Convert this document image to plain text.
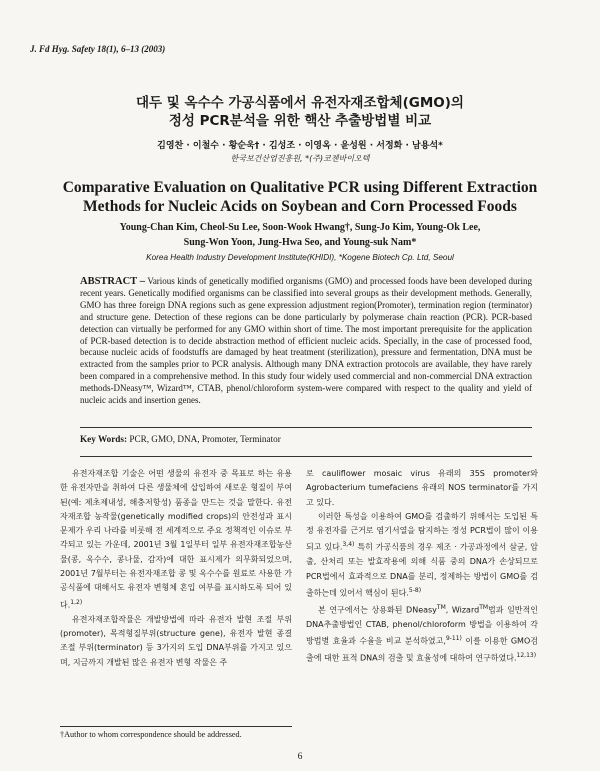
J. Fd Hyg. Safety 18(1), 6–13 (2003)
대두 및 옥수수 가공식품에서 유전자재조합체(GMO)의
정성 PCR분석을 위한 핵산 추출방법별 비교
김영찬 · 이철수 · 황순욱† · 김성조 · 이영옥 · 윤성원 · 서정화 · 남용석*
한국보건산업진흥원, *(주)코젠바이오텍
Comparative Evaluation on Qualitative PCR using Different Extraction
Methods for Nucleic Acids on Soybean and Corn Processed Foods
Young-Chan Kim, Cheol-Su Lee, Soon-Wook Hwang†, Sung-Jo Kim, Young-Ok Lee,
Sung-Won Yoon, Jung-Hwa Seo, and Young-suk Nam*
Korea Health Industry Development Institute(KHIDI), *Kogene Biotech Cp. Ltd, Seoul
ABSTRACT – Various kinds of genetically modified organisms (GMO) and processed foods have been developed during recent years. Genetically modified organisms can be classified into several groups as their development methods. Generally, GMO has three foreign DNA regions such as gene expression adjustment region(Promoter), termination region (terminator) and structure gene. Detection of these regions can be done particularly by polymerase chain reaction (PCR). PCR-based detection can virtually be performed for any GMO within short of time. The most important prerequisite for the application of PCR-based detection is to decide abstraction method of efficient nucleic acids. Specially, in the case of processed food, because nucleic acids of foodstuffs are damaged by heat treatment (sterilization), pressure and fermentation, DNA must be extracted from the samples prior to PCR analysis. Although many DNA extraction protocols are available, they have rarely been compared in a comprehensive method. In this study four widely used commercial and non-commercial DNA extraction methods-DNeasy™, Wizard™, CTAB, phenol/chloroform system-were compared with respect to the quality and yield of nucleic acids and insertion genes.
Key Words: PCR, GMO, DNA, Promoter, Terminator

유전자재조합 기술은 어떤 생물의 유전자 중 목표로 하는 유용한 유전자만을 취하여 다른 생물체에 삽입하여 새로운 형질이 부여된(예: 제초제내성, 해충저항성) 품종을 만드는 것을 말한다. 유전자재조합 농작물(genetically modified crops)의 안전성과 표시문제가 우리 나라를 비롯해 전 세계적으로 주요 정책적인 이슈로 부각되고 있는 가운데, 2001년 3월 1일부터 일부 유전자재조합농산물(콩, 옥수수, 콩나물, 감자)에 대한 표시제가 의무화되었으며, 2001년 7월부터는 유전자재조합 콩 및 옥수수를 원료로 사용한 가공식품에 대해서도 유전자 변형체 혼입 여부를 표시하도록 되어 있다.$^{1,2)}$

유전자재조합작물은 개발방법에 따라 유전자 발현 조절 부위(promoter), 목적형질부위(structure gene), 유전자 발현 종결 조절 부위(terminator) 등 3가지의 도입 DNA부위를 가지고 있으며, 지금까지 개발된 많은 유전자 변형 작물은 주

로 cauliflower mosaic virus 유래의 35S promoter와 Agrobacterium tumefaciens 유래의 NOS terminator를 가지고 있다.

이러한 특성을 이용하여 GMO를 검출하기 위해서는 도입된 특정 유전자를 근거로 염기서열을 탐지하는 정성 PCR법이 많이 이용되고 있다.$^{3,4)}$ 특히 가공식품의 경우 제조 · 가공과정에서 살균, 압출, 산처리 또는 발효작용에 의해 식품 중의 DNA가 손상되므로 PCR법에서 효과적으로 DNA를 분리, 정제하는 방법이 GMO를 검출하는데 있어서 핵심이 된다.$^{5-8)}$

본 연구에서는 상용화된 DNeasy™, Wizard™법과 일반적인 DNA추출방법인 CTAB, phenol/chloroform 방법을 이용하여 각 방법별 효율과 수율을 비교 분석하였고,$^{9-11)}$ 이를 이용한 GMO검출에 대한 표적 DNA의 검출 및 효율성에 대하여 연구하였다.$^{12,13)}$

†Author to whom correspondence should be addressed.
6
